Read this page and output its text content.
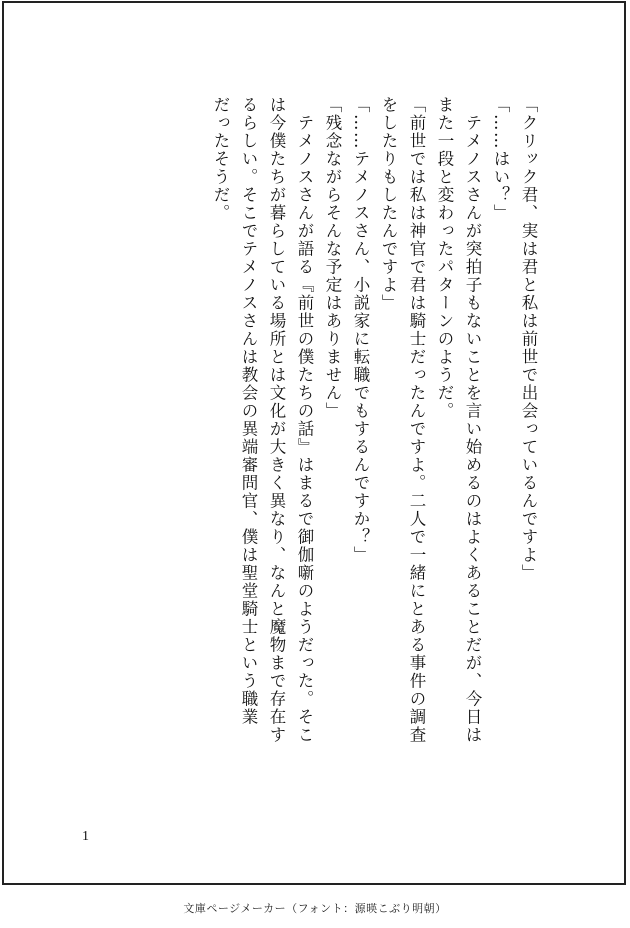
「クリック君、実は君と私は前世で出会っているんですよ」

「……はい？」

　テメノスさんが突拍子もないことを言い始めるのはよくあることだが、今日は

また一段と変わったパターンのようだ。

「前世では私は神官で君は騎士だったんですよ。二人で一緒にとある事件の調査

をしたりもしたんですよ」

「……テメノスさん、小説家に転職でもするんですか？」

「残念ながらそんな予定はありません」

　テメノスさんが語る『前世の僕たちの話』はまるで御伽噺のようだった。そこ

は今僕たちが暮らしている場所とは文化が大きく異なり、なんと魔物まで存在す

るらしい。そこでテメノスさんは教会の異端審問官、僕は聖堂騎士という職業

だったそうだ。

1
文庫ページメーカー（フォント：源暎こぶり明朝）
